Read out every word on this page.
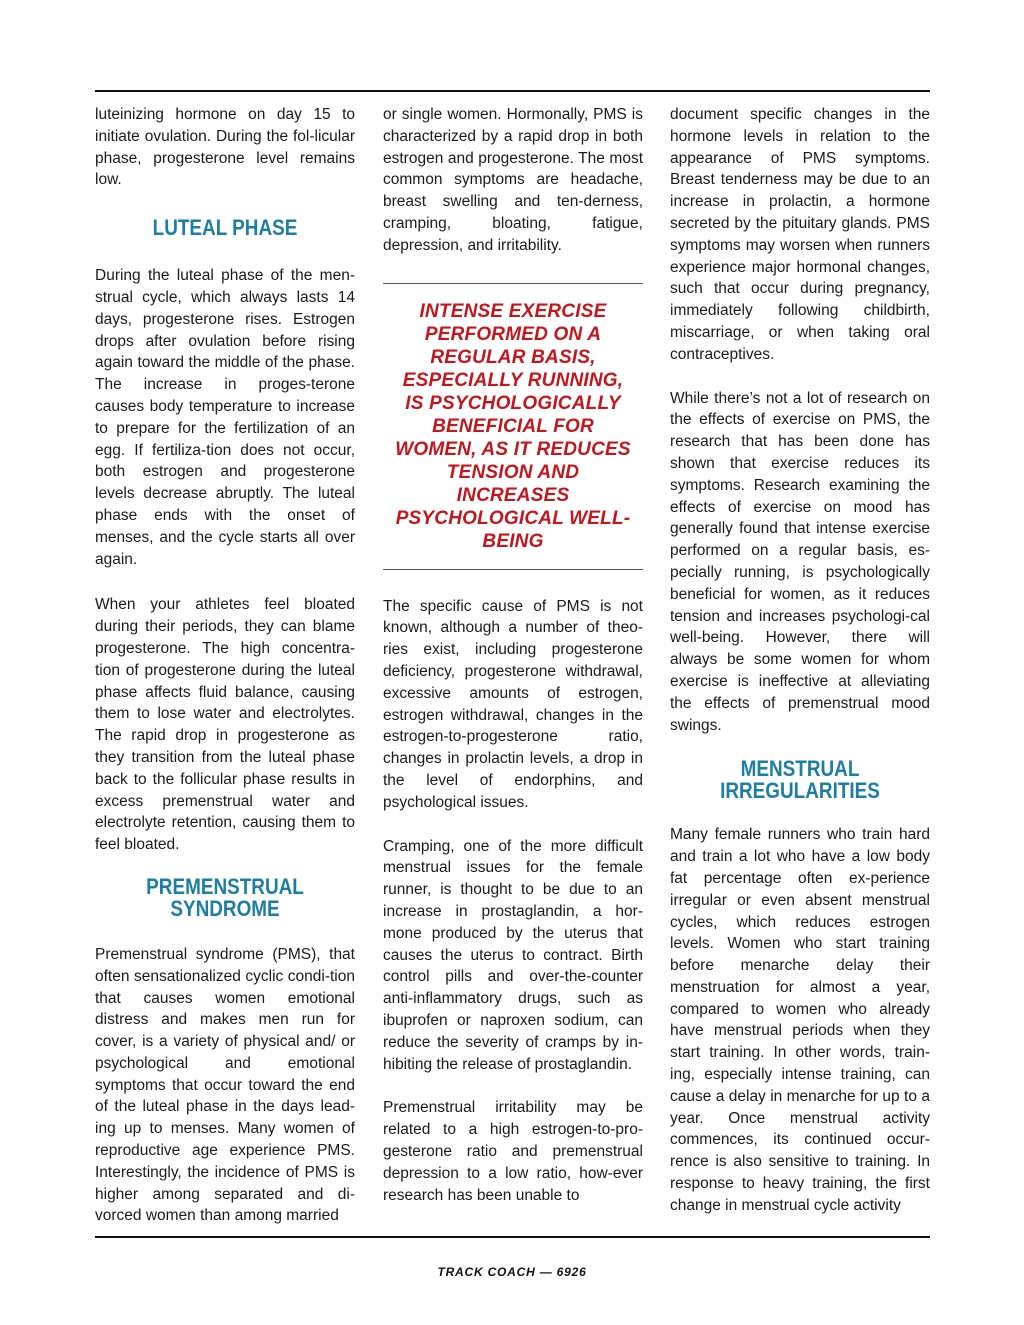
luteinizing hormone on day 15 to initiate ovulation. During the fol-licular phase, progesterone level remains low.

LUTEAL PHASE

During the luteal phase of the men-strual cycle, which always lasts 14 days, progesterone rises. Estrogen drops after ovulation before rising again toward the middle of the phase. The increase in proges-terone causes body temperature to increase to prepare for the fertilization of an egg. If fertiliza-tion does not occur, both estrogen and progesterone levels decrease abruptly. The luteal phase ends with the onset of menses, and the cycle starts all over again.

When your athletes feel bloated during their periods, they can blame progesterone. The high concentra-tion of progesterone during the luteal phase affects fluid balance, causing them to lose water and electrolytes. The rapid drop in progesterone as they transition from the luteal phase back to the follicular phase results in excess premenstrual water and electrolyte retention, causing them to feel bloated.

PREMENSTRUAL
SYNDROME

Premenstrual syndrome (PMS), that often sensationalized cyclic condi-tion that causes women emotional distress and makes men run for cover, is a variety of physical and/ or psychological and emotional symptoms that occur toward the end of the luteal phase in the days lead-ing up to menses. Many women of reproductive age experience PMS. Interestingly, the incidence of PMS is higher among separated and di-vorced women than among married

or single women. Hormonally, PMS is characterized by a rapid drop in both estrogen and progesterone. The most common symptoms are headache, breast swelling and ten-derness, cramping, bloating, fatigue, depression, and irritability.

INTENSE EXERCISE PERFORMED ON A REGULAR BASIS, ESPECIALLY RUNNING, IS PSYCHOLOGICALLY BENEFICIAL FOR WOMEN, AS IT REDUCES TENSION AND INCREASES PSYCHOLOGICAL WELL-BEING

The specific cause of PMS is not known, although a number of theo-ries exist, including progesterone deficiency, progesterone withdrawal, excessive amounts of estrogen, estrogen withdrawal, changes in the estrogen-to-progesterone ratio, changes in prolactin levels, a drop in the level of endorphins, and psychological issues.

Cramping, one of the more difficult menstrual issues for the female runner, is thought to be due to an increase in prostaglandin, a hor-mone produced by the uterus that causes the uterus to contract. Birth control pills and over-the-counter anti-inflammatory drugs, such as ibuprofen or naproxen sodium, can reduce the severity of cramps by in-hibiting the release of prostaglandin.

Premenstrual irritability may be related to a high estrogen-to-pro-gesterone ratio and premenstrual depression to a low ratio, how-ever research has been unable to

document specific changes in the hormone levels in relation to the appearance of PMS symptoms. Breast tenderness may be due to an increase in prolactin, a hormone secreted by the pituitary glands. PMS symptoms may worsen when runners experience major hormonal changes, such that occur during pregnancy, immediately following childbirth, miscarriage, or when taking oral contraceptives.

While there’s not a lot of research on the effects of exercise on PMS, the research that has been done has shown that exercise reduces its symptoms. Research examining the effects of exercise on mood has generally found that intense exercise performed on a regular basis, es-pecially running, is psychologically beneficial for women, as it reduces tension and increases psychologi-cal well-being. However, there will always be some women for whom exercise is ineffective at alleviating the effects of premenstrual mood swings.

MENSTRUAL
IRREGULARITIES

Many female runners who train hard and train a lot who have a low body fat percentage often ex-perience irregular or even absent menstrual cycles, which reduces estrogen levels. Women who start training before menarche delay their menstruation for almost a year, compared to women who already have menstrual periods when they start training. In other words, train-ing, especially intense training, can cause a delay in menarche for up to a year. Once menstrual activity commences, its continued occur-rence is also sensitive to training. In response to heavy training, the first change in menstrual cycle activity

TRACK COACH — 6926
